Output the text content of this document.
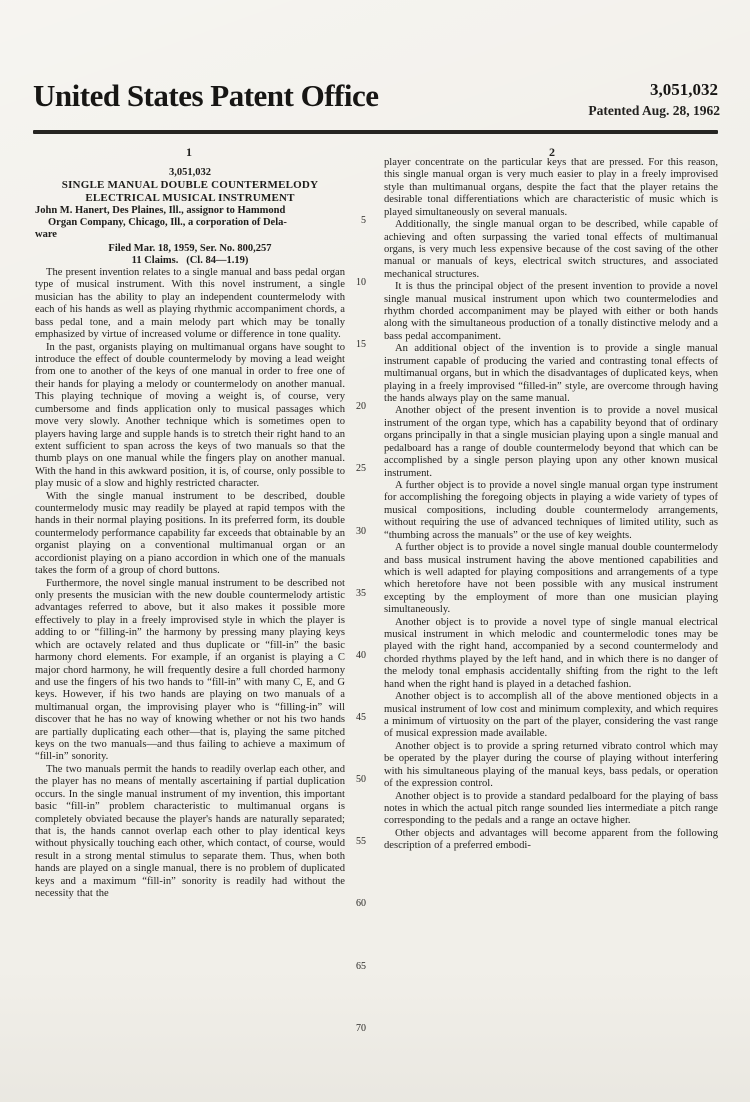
United States Patent Office	3,051,032
Patented Aug. 28, 1962
1	2
5
10
15
20
25
30
35
40
45
50
55
60
65
70

3,051,032

SINGLE MANUAL DOUBLE COUNTERMELODY

ELECTRICAL MUSICAL INSTRUMENT

John M. Hanert, Des Plaines, Ill., assignor to Hammond
Organ Company, Chicago, Ill., a corporation of Dela-
ware

Filed Mar. 18, 1959, Ser. No. 800,257

11 Claims.   (Cl. 84—1.19)

The present invention relates to a single manual and bass pedal organ type of musical instrument. With this novel instrument, a single musician has the ability to play an independent countermelody with each of his hands as well as playing rhythmic accompaniment chords, a bass pedal tone, and a main melody part which may be tonally emphasized by virtue of increased volume or difference in tone quality.

In the past, organists playing on multimanual organs have sought to introduce the effect of double countermelody by moving a lead weight from one to another of the keys of one manual in order to free one of their hands for playing a melody or countermelody on another manual. This playing technique of moving a weight is, of course, very cumbersome and finds application only to musical passages which move very slowly. Another technique which is sometimes open to players having large and supple hands is to stretch their right hand to an extent sufficient to span across the keys of two manuals so that the thumb plays on one manual while the fingers play on another manual. With the hand in this awkward position, it is, of course, only possible to play music of a slow and highly restricted character.

With the single manual instrument to be described, double countermelody music may readily be played at rapid tempos with the hands in their normal playing positions. In its preferred form, its double countermelody performance capability far exceeds that obtainable by an organist playing on a conventional multimanual organ or an accordionist playing on a piano accordion in which one of the manuals takes the form of a group of chord buttons.

Furthermore, the novel single manual instrument to be described not only presents the musician with the new double countermelody artistic advantages referred to above, but it also makes it possible more effectively to play in a freely improvised style in which the player is adding to or “filling-in” the harmony by pressing many playing keys which are octavely related and thus duplicate or “fill-in” the basic harmony chord elements. For example, if an organist is playing a C major chord harmony, he will frequently desire a full chorded harmony and use the fingers of his two hands to “fill-in” with many C, E, and G keys. However, if his two hands are playing on two manuals of a multimanual organ, the improvising player who is “filling-in” will discover that he has no way of knowing whether or not his two hands are partially duplicating each other—that is, playing the same pitched keys on the two manuals—and thus failing to achieve a maximum of “fill-in” sonority.

The two manuals permit the hands to readily overlap each other, and the player has no means of mentally ascertaining if partial duplication occurs. In the single manual instrument of my invention, this important basic “fill-in” problem characteristic to multimanual organs is completely obviated because the player's hands are naturally separated; that is, the hands cannot overlap each other to play identical keys without physically touching each other, which contact, of course, would result in a strong mental stimulus to separate them. Thus, when both hands are played on a single manual, there is no problem of duplicated keys and a maximum “fill-in” sonority is readily had without the necessity that the

player concentrate on the particular keys that are pressed. For this reason, this single manual organ is very much easier to play in a freely improvised style than multimanual organs, despite the fact that the player retains the desirable tonal differentiations which are characteristic of music which is played simultaneously on several manuals.

Additionally, the single manual organ to be described, while capable of achieving and often surpassing the varied tonal effects of multimanual organs, is very much less expensive because of the cost saving of the other manual or manuals of keys, electrical switch structures, and associated mechanical structures.

It is thus the principal object of the present invention to provide a novel single manual musical instrument upon which two countermelodies and rhythm chorded accompaniment may be played with either or both hands along with the simultaneous production of a tonally distinctive melody and a bass pedal accompaniment.

An additional object of the invention is to provide a single manual instrument capable of producing the varied and contrasting tonal effects of multimanual organs, but in which the disadvantages of duplicated keys, when playing in a freely improvised “filled-in” style, are overcome through having the hands always play on the same manual.

Another object of the present invention is to provide a novel musical instrument of the organ type, which has a capability beyond that of ordinary organs principally in that a single musician playing upon a single manual and pedalboard has a range of double countermelody beyond that which can be accomplished by a single person playing upon any other known musical instrument.

A further object is to provide a novel single manual organ type instrument for accomplishing the foregoing objects in playing a wide variety of types of musical compositions, including double countermelody arrangements, without requiring the use of advanced techniques of limited utility, such as “thumbing across the manuals” or the use of key weights.

A further object is to provide a novel single manual double countermelody and bass musical instrument having the above mentioned capabilities and which is well adapted for playing compositions and arrangements of a type which heretofore have not been possible with any musical instrument excepting by the employment of more than one musician playing simultaneously.

Another object is to provide a novel type of single manual electrical musical instrument in which melodic and countermelodic tones may be played with the right hand, accompanied by a second countermelody and chorded rhythms played by the left hand, and in which there is no danger of the melody tonal emphasis accidentally shifting from the right to the left hand when the right hand is played in a detached fashion.

Another object is to accomplish all of the above mentioned objects in a musical instrument of low cost and minimum complexity, and which requires a minimum of virtuosity on the part of the player, considering the vast range of musical expression made available.

Another object is to provide a spring returned vibrato control which may be operated by the player during the course of playing without interfering with his simultaneous playing of the manual keys, bass pedals, or operation of the expression control.

Another object is to provide a standard pedalboard for the playing of bass notes in which the actual pitch range sounded lies intermediate a pitch range corresponding to the pedals and a range an octave higher.

Other objects and advantages will become apparent from the following description of a preferred embodi-
